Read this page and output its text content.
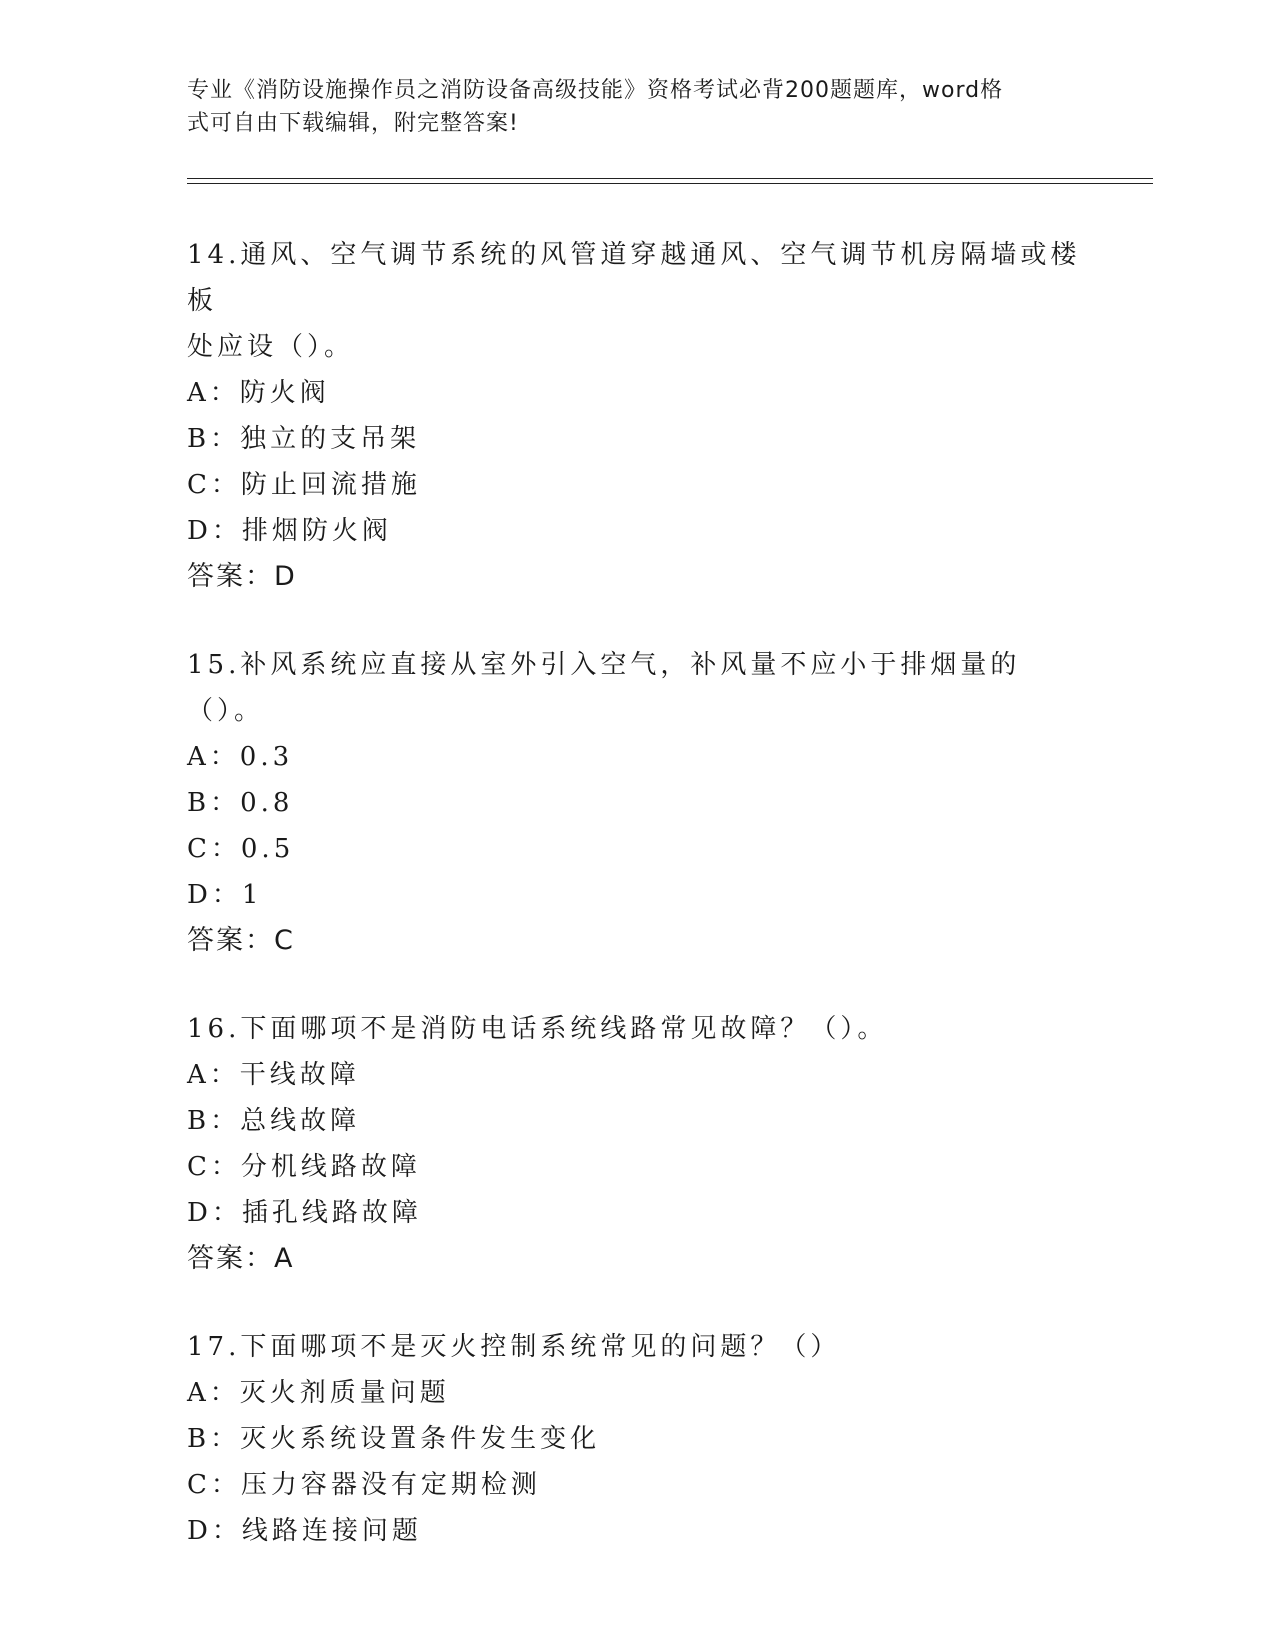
专业《消防设施操作员之消防设备高级技能》资格考试必背200题题库，word格
式可自由下载编辑，附完整答案!
14.通风、空气调节系统的风管道穿越通风、空气调节机房隔墙或楼板
处应设（）。
A：防火阀
B：独立的支吊架
C：防止回流措施
D：排烟防火阀
答案：D
15.补风系统应直接从室外引入空气，补风量不应小于排烟量的（）。
A：0.3
B：0.8
C：0.5
D：1
答案：C
16.下面哪项不是消防电话系统线路常见故障？（）。
A：干线故障
B：总线故障
C：分机线路故障
D：插孔线路故障
答案：A
17.下面哪项不是灭火控制系统常见的问题？（）
A：灭火剂质量问题
B：灭火系统设置条件发生变化
C：压力容器没有定期检测
D：线路连接问题
